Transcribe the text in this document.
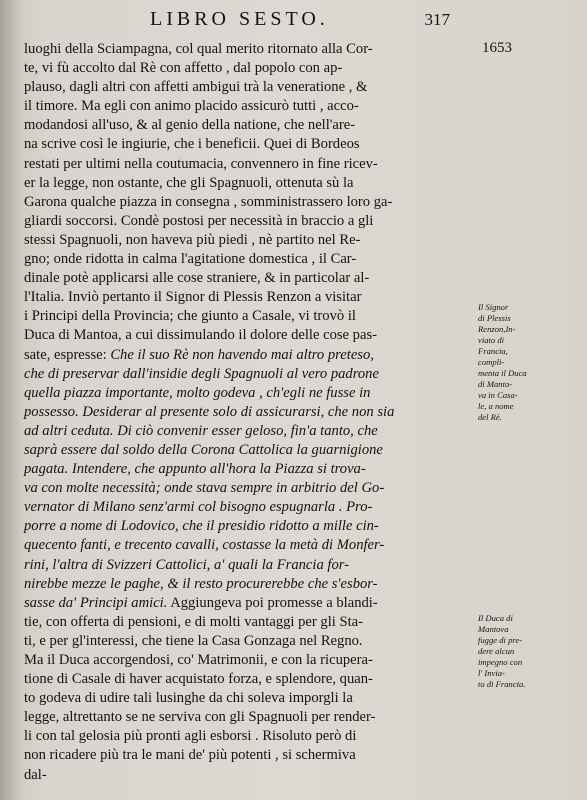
LIBRO SESTO.	317
1653
luoghi della Sciampagna, col qual merito ritornato alla Cor-
te, vi fù accolto dal Rè con affetto , dal popolo con ap-
plauso, dagli altri con affetti ambigui trà la veneratione , &
il timore. Ma egli con animo placido assicurò tutti , acco-
modandosi all'uso, & al genio della natione, che nell'are-
na scrive così le ingiurie, che i beneficii. Quei di Bordeos
restati per ultimi nella coutumacia, convennero in fine ricev-
er la legge, non ostante, che gli Spagnuoli, ottenuta sù la
Garona qualche piazza in consegna , somministrassero loro ga-
gliardi soccorsi. Condè postosi per necessità in braccio a gli
stessi Spagnuoli, non haveva più piedi , nè partito nel Re-
gno; onde ridotta in calma l'agitatione domestica , il Car-
dinale potè applicarsi alle cose straniere, & in particolar al-
l'Italia. Inviò pertanto il Signor di Plessis Renzon a visitar
i Principi della Provincia; che giunto a Casale, vi trovò il
Duca di Mantoa, a cui dissimulando il dolore delle cose pas-
sate, espresse: Che il suo Rè non havendo mai altro preteso,
che di preservar dall'insidie degli Spagnuoli al vero padrone
quella piazza importante, molto godeva , ch'egli ne fusse in
possesso. Desiderar al presente solo di assicurarsi, che non sia
ad altri ceduta. Di ciò convenir esser geloso, fin'a tanto, che
saprà essere dal soldo della Corona Cattolica la guarnigione
pagata. Intendere, che appunto all'hora la Piazza si trova-
va con molte necessità; onde stava sempre in arbitrio del Go-
vernator di Milano senz'armi col bisogno espugnarla . Pro-
porre a nome di Lodovico, che il presidio ridotto a mille cin-
quecento fanti, e trecento cavalli, costasse la metà di Monfer-
rini, l'altra di Svizzeri Cattolici, a' quali la Francia for-
nirebbe mezze le paghe, & il resto procurerebbe che s'esbor-
sasse da' Principi amici. Aggiungeva poi promesse a blandi-
tie, con offerta di pensioni, e di molti vantaggi per gli Sta-
ti, e per gl'interessi, che tiene la Casa Gonzaga nel Regno.
Ma il Duca accorgendosi, co' Matrimonii, e con la ricupera-
tione di Casale di haver acquistato forza, e splendore, quan-
to godeva di udire tali lusinghe da chi soleva imporgli la
legge, altrettanto se ne serviva con gli Spagnuoli per render-
li con tal gelosia più pronti agli esborsi . Risoluto però di
non ricadere più tra le mani de' più potenti , si schermiva
dal-
Il Signor
di Plessis
Renzon,In-
viato di
Francia,
compli-
menta il Duca
di Manto-
va in Casa-
le, a nome
del Rè.
Il Duca di
Mantova
fugge di pre-
dere alcun
impegno con
l' Invia-
to di Francia.
